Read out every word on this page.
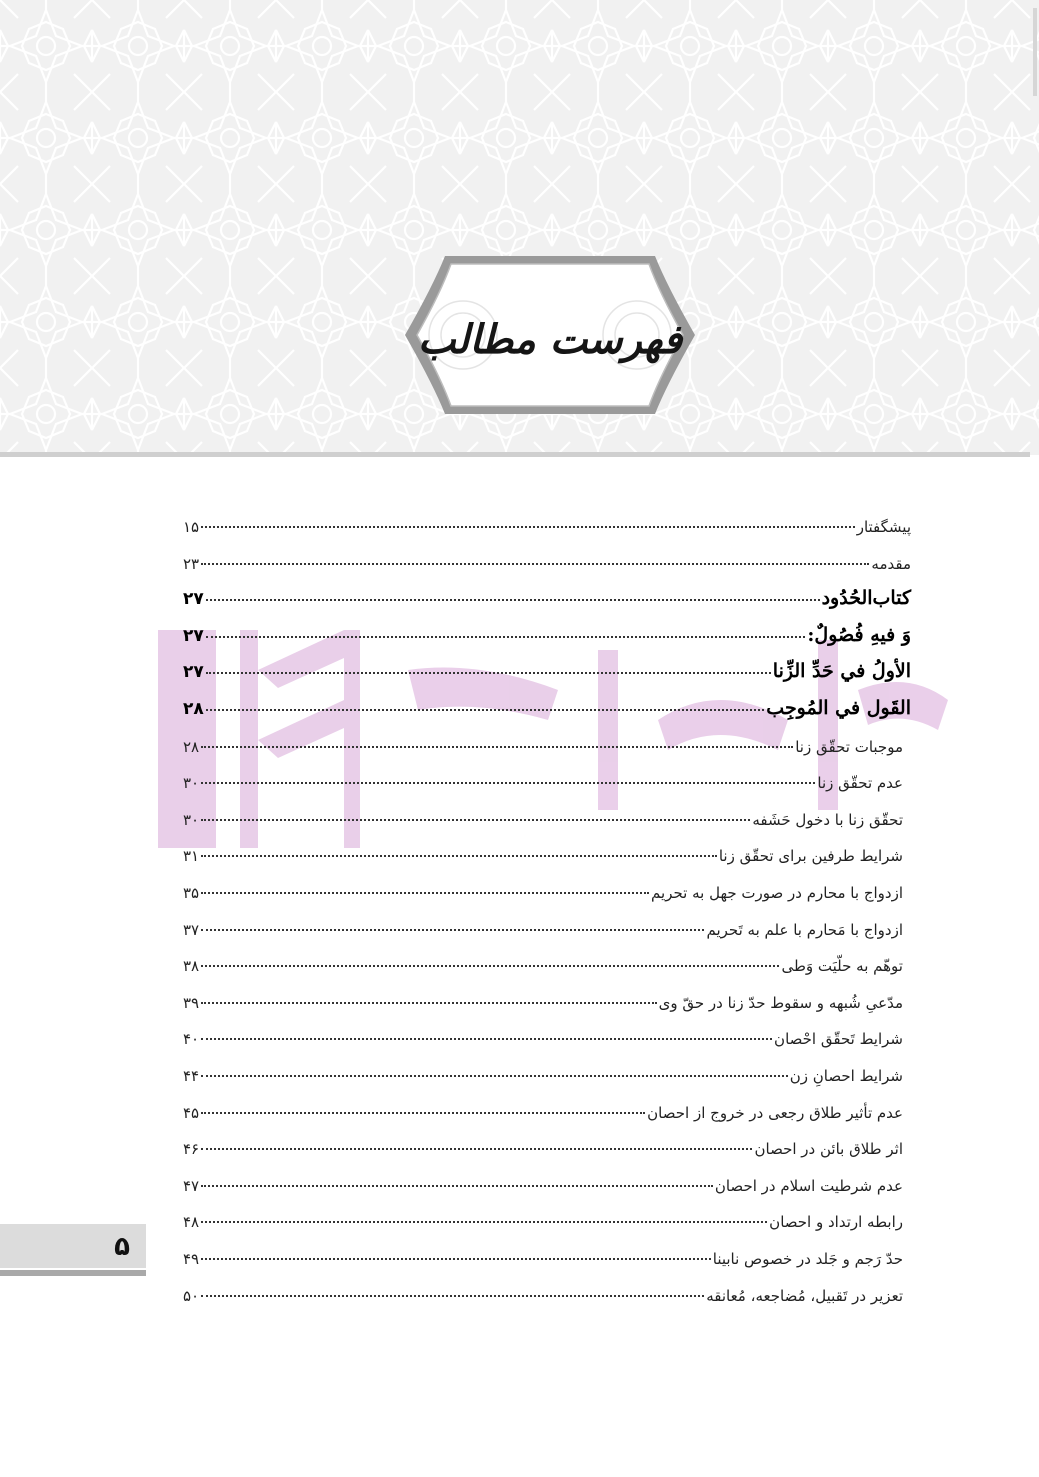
فهرست مطالب
پیشگفتار
۱۵
مقدمه
۲۳
كتاب‌الحُدُود
۲۷
وَ فيهِ فُصُولٌ:
۲۷
الأولُ في حَدِّ الزِّنا
۲۷
القَول في المُوجِب
۲۸
موجبات تحقّق زنا
۲۸
عدم تحقّق زنا
۳۰
تحقّق زنا با دخول حَشَفه
۳۰
شرایط طرفین برای تحقّق زنا
۳۱
ازدواج با محارم در صورت جهل به تحریم
۳۵
ازدواج با مَحارم با علم به تَحریم
۳۷
توهّم به حلّیَت وَطی
۳۸
مدّعیِ شُبهه و سقوط حدّ زنا در حقّ وی
۳۹
شرایط تَحقّق احْصان
۴۰
شرایط احصانِ زن
۴۴
عدم تأثیر طلاق رجعی در خروج از احصان
۴۵
اثر طلاق بائن در احصان
۴۶
عدم شرطیت اسلام در احصان
۴۷
رابطه ارتداد و احصان
۴۸
حدّ رَجم و جَلد در خصوص نابینا
۴۹
تعزیر در تَقبیل، مُضاجعه، مُعانقه
۵۰
۵
